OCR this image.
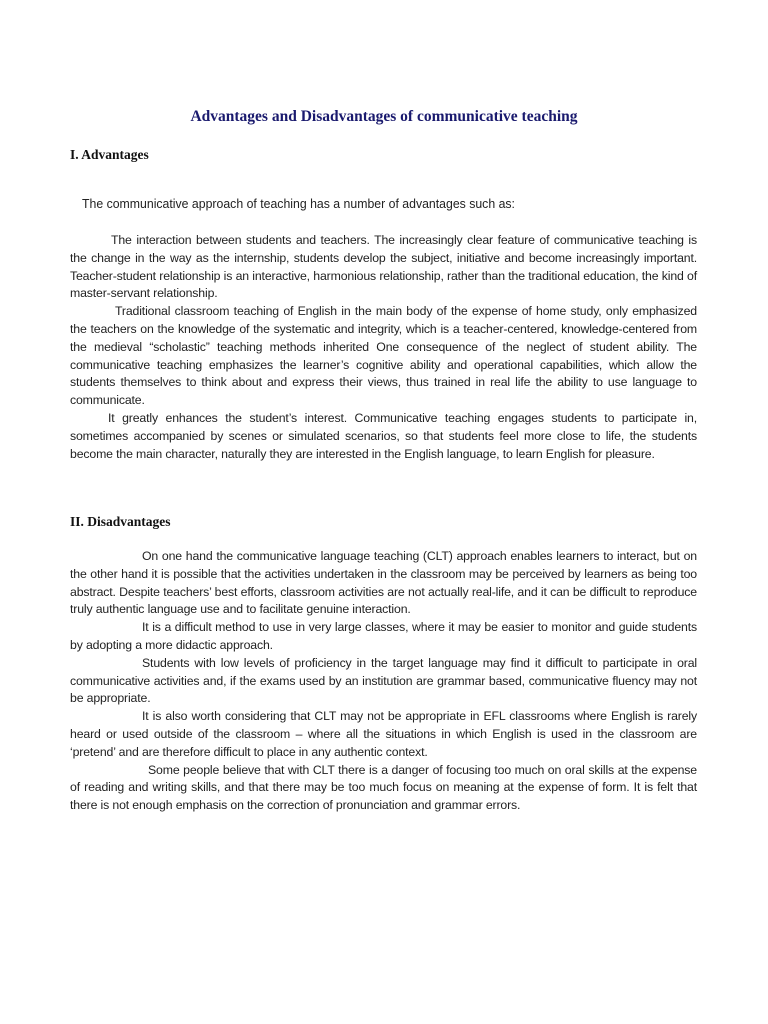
Advantages and Disadvantages of communicative teaching
I. Advantages

The communicative approach of teaching has a number of advantages such as:

The interaction between students and teachers. The increasingly clear feature of communicative teaching is the change in the way as the internship, students develop the subject, initiative and become increasingly important. Teacher-student relationship is an interactive, harmonious relationship, rather than the traditional education, the kind of master-servant relationship.

Traditional classroom teaching of English in the main body of the expense of home study, only emphasized the teachers on the knowledge of the systematic and integrity, which is a teacher-centered, knowledge-centered from the medieval “scholastic” teaching methods inherited One consequence of the neglect of student ability. The communicative teaching emphasizes the learner’s cognitive ability and operational capabilities, which allow the students themselves to think about and express their views, thus trained in real life the ability to use language to communicate.

It greatly enhances the student’s interest. Communicative teaching engages students to participate in, sometimes accompanied by scenes or simulated scenarios, so that students feel more close to life, the students become the main character, naturally they are interested in the English language, to learn English for pleasure.

II. Disadvantages

On one hand the communicative language teaching (CLT) approach enables learners to interact, but on the other hand it is possible that the activities undertaken in the classroom may be perceived by learners as being too abstract. Despite teachers’ best efforts, classroom activities are not actually real-life, and it can be difficult to reproduce truly authentic language use and to facilitate genuine interaction.

It is a difficult method to use in very large classes, where it may be easier to monitor and guide students by adopting a more didactic approach.

Students with low levels of proficiency in the target language may find it difficult to participate in oral communicative activities and, if the exams used by an institution are grammar based, communicative fluency may not be appropriate.

It is also worth considering that CLT may not be appropriate in EFL classrooms where English is rarely heard or used outside of the classroom – where all the situations in which English is used in the classroom are ‘pretend’ and are therefore difficult to place in any authentic context.

Some people believe that with CLT there is a danger of focusing too much on oral skills at the expense of reading and writing skills, and that there may be too much focus on meaning at the expense of form. It is felt that there is not enough emphasis on the correction of pronunciation and grammar errors.
